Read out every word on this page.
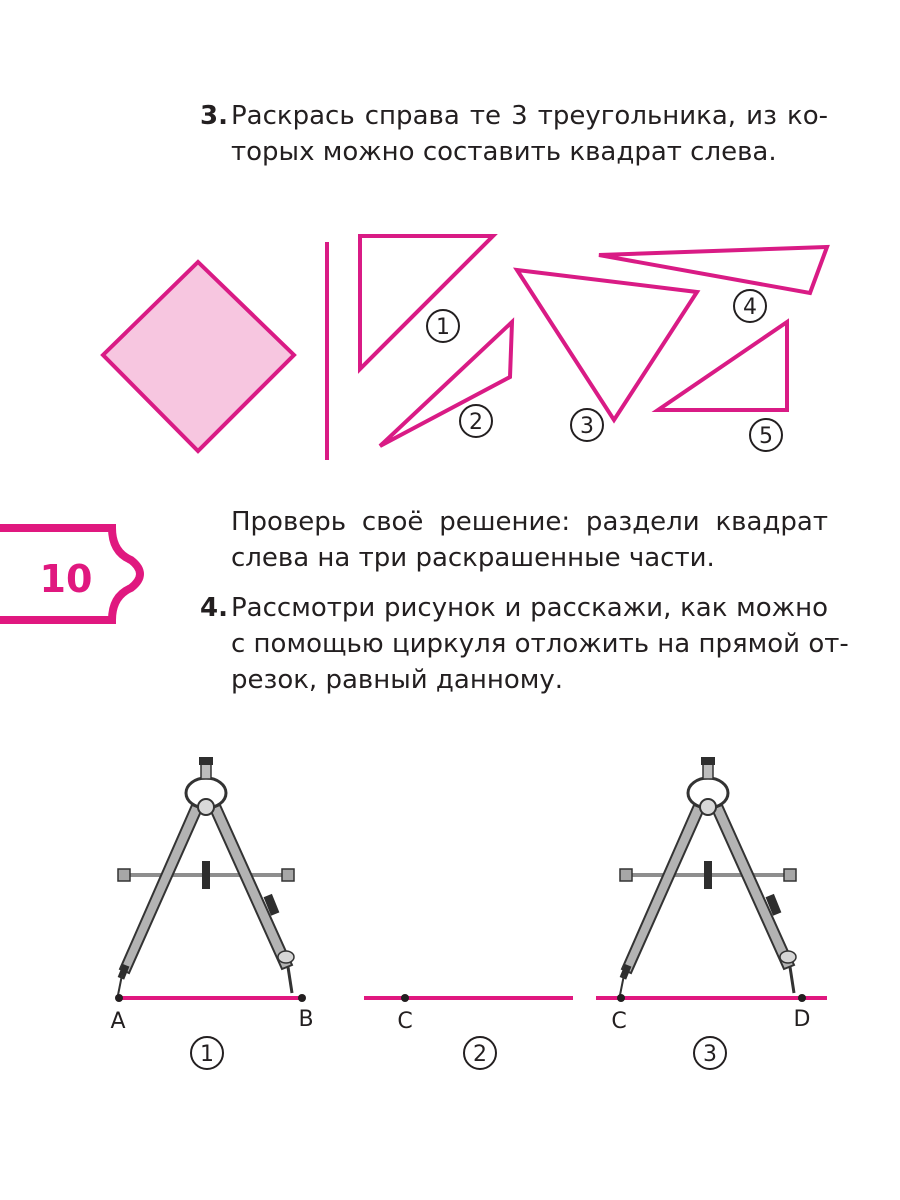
10
3. Раскрась справа те 3 треугольника, из ко-
торых можно составить квадрат слева.
1
2	3
4
5
Проверь своё решение: раздели квадрат
слева на три раскрашенные части.
4. Рассмотри рисунок и расскажи, как можно
с помощью циркуля отложить на прямой от-
резок, равный данному.
A	B
1
C
2
C	D
3
